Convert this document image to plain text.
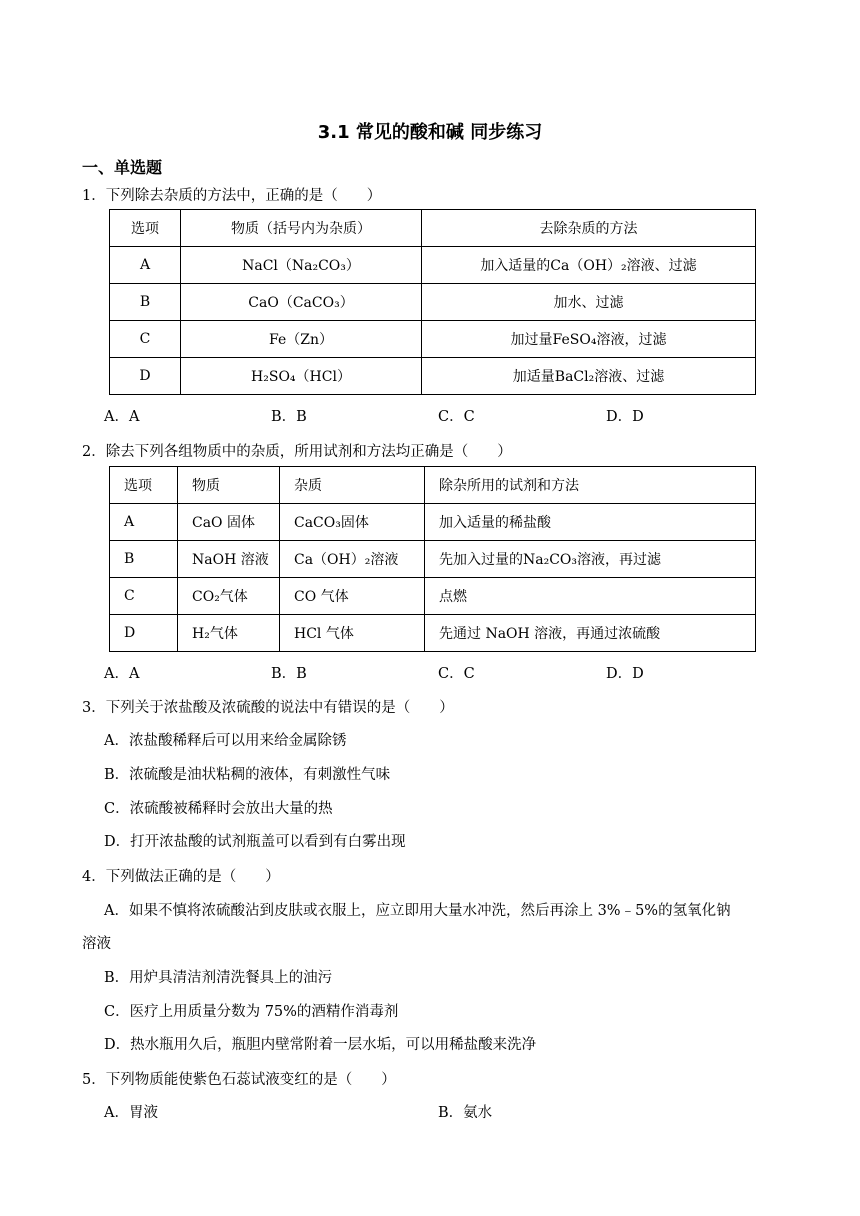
3.1 常见的酸和碱 同步练习
一、单选题
1．下列除去杂质的方法中，正确的是（　　）
选项	物质（括号内为杂质）	去除杂质的方法
A	NaCl（Na₂CO₃）	加入适量的Ca（OH）₂溶液、过滤
B	CaO（CaCO₃）	加水、过滤
C	Fe（Zn）	加过量FeSO₄溶液，过滤
D	H₂SO₄（HCl）	加适量BaCl₂溶液、过滤
A．A	B．B	C．C	D．D
2．除去下列各组物质中的杂质，所用试剂和方法均正确是（　　）
选项	物质	杂质	除杂所用的试剂和方法
A	CaO 固体	CaCO₃固体	加入适量的稀盐酸
B	NaOH 溶液	Ca（OH）₂溶液	先加入过量的Na₂CO₃溶液，再过滤
C	CO₂气体	CO 气体	点燃
D	H₂气体	HCl 气体	先通过 NaOH 溶液，再通过浓硫酸
A．A	B．B	C．C	D．D
3．下列关于浓盐酸及浓硫酸的说法中有错误的是（　　）
A．浓盐酸稀释后可以用来给金属除锈
B．浓硫酸是油状粘稠的液体，有刺激性气味
C．浓硫酸被稀释时会放出大量的热
D．打开浓盐酸的试剂瓶盖可以看到有白雾出现
4．下列做法正确的是（　　）
A．如果不慎将浓硫酸沾到皮肤或衣服上，应立即用大量水冲洗，然后再涂上 3%﹣5%的氢氧化钠
溶液
B．用炉具清洁剂清洗餐具上的油污
C．医疗上用质量分数为 75%的酒精作消毒剂
D．热水瓶用久后，瓶胆内壁常附着一层水垢，可以用稀盐酸来洗净
5．下列物质能使紫色石蕊试液变红的是（　　）
A．胃液	B．氨水
